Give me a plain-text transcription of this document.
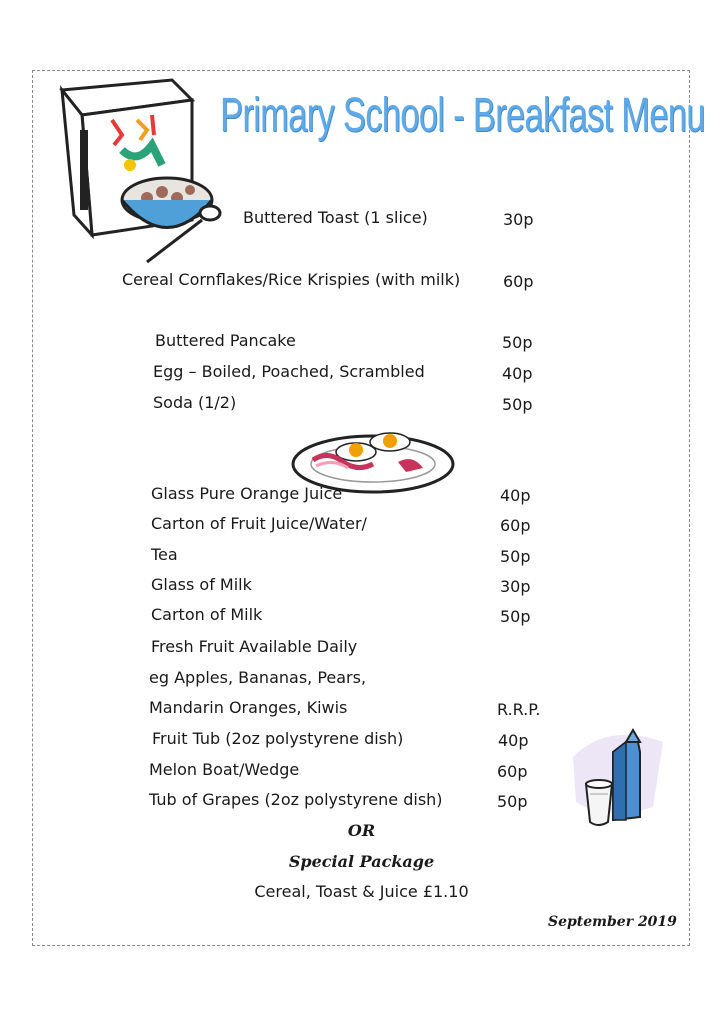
Primary School - Breakfast Menu
Buttered Toast (1 slice)	30p
Cereal Cornflakes/Rice Krispies (with milk)	60p
Buttered Pancake	50p
Egg – Boiled, Poached, Scrambled	40p
Soda (1/2)	50p
Glass Pure Orange Juice	40p
Carton of Fruit Juice/Water/	60p
Tea	50p
Glass of Milk	30p
Carton of Milk	50p
Fresh Fruit Available Daily
eg Apples, Bananas, Pears,
Mandarin Oranges, Kiwis	R.R.P.
Fruit Tub (2oz polystyrene dish)	40p
Melon Boat/Wedge	60p
Tub of Grapes (2oz polystyrene dish)	50p
OR
Special Package
Cereal, Toast & Juice £1.10
September 2019
